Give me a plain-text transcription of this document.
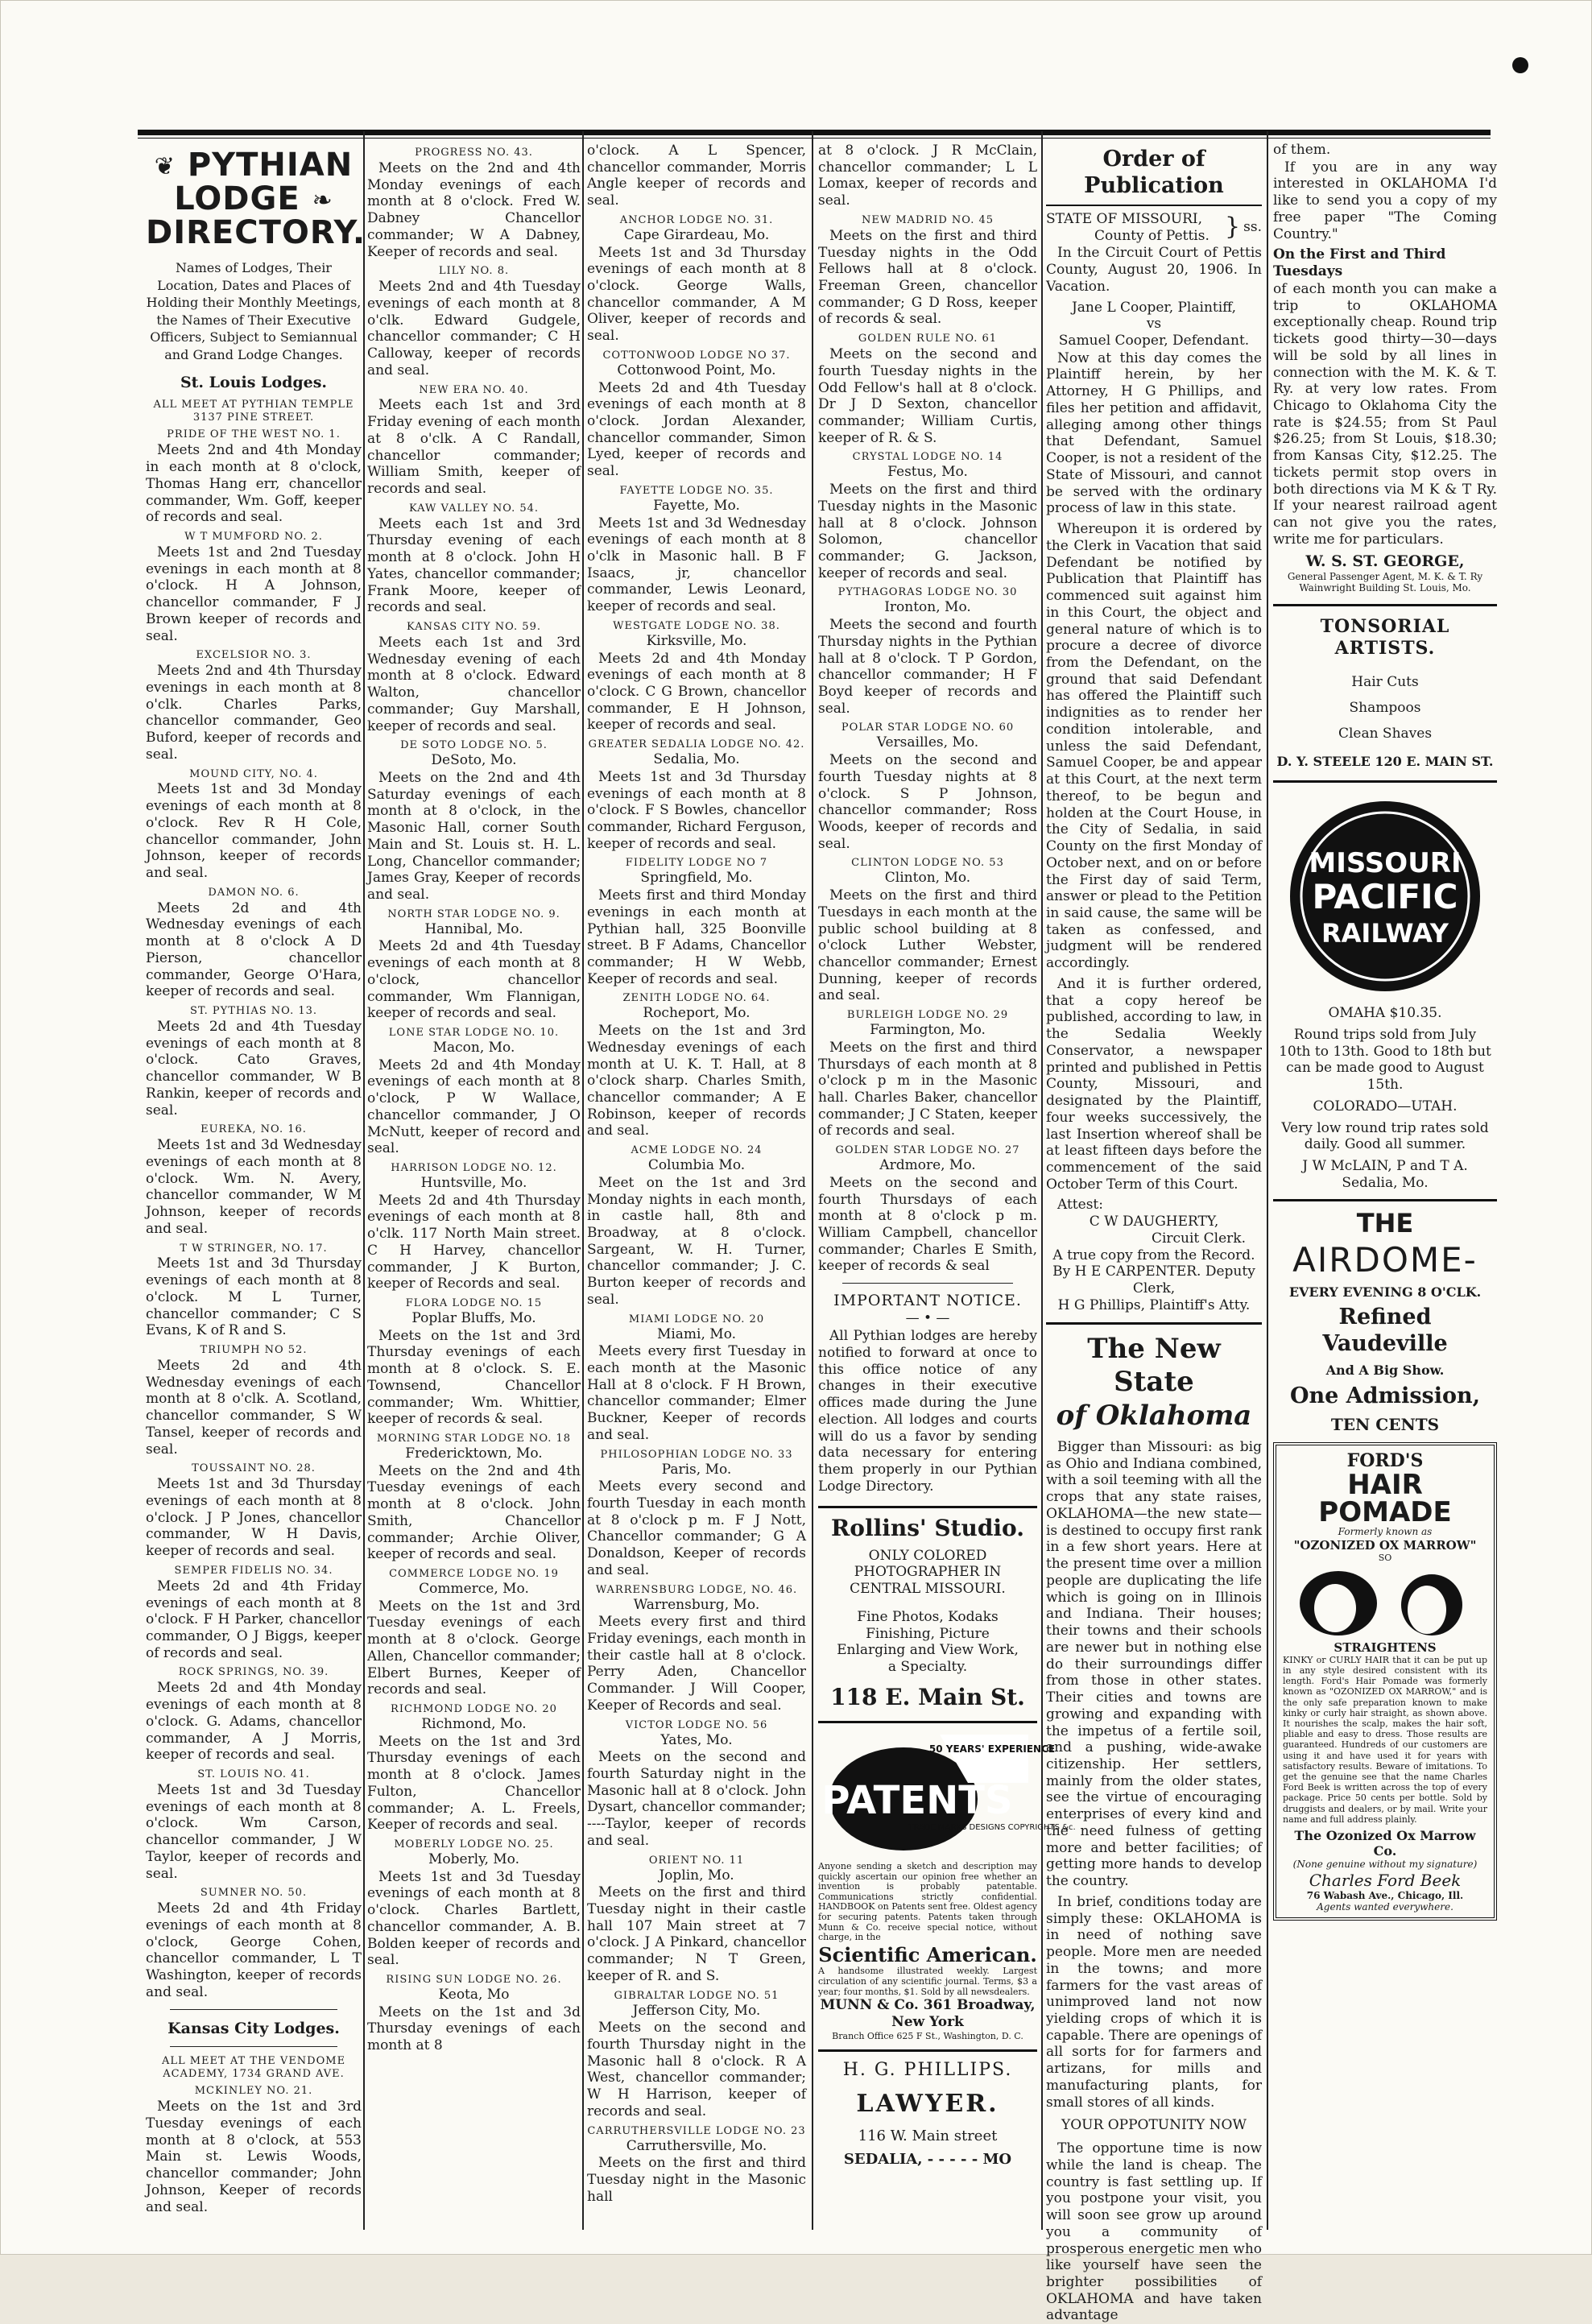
❦ PYTHIAN LODGE ❧
DIRECTORY.
Names of Lodges, Their Location, Dates and Places of Holding their Monthly Meetings, the Names of Their Executive Officers, Subject to Semiannual and Grand Lodge Changes.
St. Louis Lodges.
ALL MEET AT PYTHIAN TEMPLE 3137 PINE STREET.
PRIDE OF THE WEST NO. 1.
Meets 2nd and 4th Monday in each month at 8 o'clock, Thomas Hang err, chancellor commander, Wm. Goff, keeper of records and seal.
W T MUMFORD NO. 2.
Meets 1st and 2nd Tuesday evenings in each month at 8 o'clock. H A Johnson, chancellor commander, F J Brown keeper of records and seal.
EXCELSIOR NO. 3.
Meets 2nd and 4th Thursday evenings in each month at 8 o'clk. Charles Parks, chancellor commander, Geo Buford, keeper of records and seal.
MOUND CITY, NO. 4.
Meets 1st and 3d Monday evenings of each month at 8 o'clock. Rev R H Cole, chancellor commander, John Johnson, keeper of records and seal.
DAMON NO. 6.
Meets 2d and 4th Wednesday evenings of each month at 8 o'clock A D Pierson, chancellor commander, George O'Hara, keeper of records and seal.
ST. PYTHIAS NO. 13.
Meets 2d and 4th Tuesday evenings of each month at 8 o'clock. Cato Graves, chancellor commander, W B Rankin, keeper of records and seal.
EUREKA, NO. 16.
Meets 1st and 3d Wednesday evenings of each month at 8 o'clock. Wm. N. Avery, chancellor commander, W M Johnson, keeper of records and seal.
T W STRINGER, NO. 17.
Meets 1st and 3d Thursday evenings of each month at 8 o'clock. M L Turner, chancellor commander; C S Evans, K of R and S.
TRIUMPH NO 52.
Meets 2d and 4th Wednesday evenings of each month at 8 o'clk. A. Scotland, chancellor commander, S W Tansel, keeper of records and seal.
TOUSSAINT NO. 28.
Meets 1st and 3d Thursday evenings of each month at 8 o'clock. J P Jones, chancellor commander, W H Davis, keeper of records and seal.
SEMPER FIDELIS NO. 34.
Meets 2d and 4th Friday evenings of each month at 8 o'clock. F H Parker, chancellor commander, O J Biggs, keeper of records and seal.
ROCK SPRINGS, NO. 39.
Meets 2d and 4th Monday evenings of each month at 8 o'clock. G. Adams, chancellor commander, A J Morris, keeper of records and seal.
ST. LOUIS NO. 41.
Meets 1st and 3d Tuesday evenings of each month at 8 o'clock. Wm Carson, chancellor commander, J W Taylor, keeper of records and seal.
SUMNER NO. 50.
Meets 2d and 4th Friday evenings of each month at 8 o'clock, George Cohen, chancellor commander, L T Washington, keeper of records and seal.
Kansas City Lodges.
ALL MEET AT THE VENDOME ACADEMY, 1734 GRAND AVE.
MCKINLEY NO. 21.
Meets on the 1st and 3rd Tuesday evenings of each month at 8 o'clock, at 553 Main st. Lewis Woods, chancellor commander; John Johnson, Keeper of records and seal.
PROGRESS NO. 43.
Meets on the 2nd and 4th Monday evenings of each month at 8 o'clock. Fred W. Dabney Chancellor commander; W A Dabney, Keeper of records and seal.
LILY NO. 8.
Meets 2nd and 4th Tuesday evenings of each month at 8 o'clk. Edward Gudgele, chancellor commander; C H Calloway, keeper of records and seal.
NEW ERA NO. 40.
Meets each 1st and 3rd Friday evening of each month at 8 o'clk. A C Randall, chancellor commander; William Smith, keeper of records and seal.
KAW VALLEY NO. 54.
Meets each 1st and 3rd Thursday evening of each month at 8 o'clock. John H Yates, chancellor commander; Frank Moore, keeper of records and seal.
KANSAS CITY NO. 59.
Meets each 1st and 3rd Wednesday evening of each month at 8 o'clock. Edward Walton, chancellor commander; Guy Marshall, keeper of records and seal.
DE SOTO LODGE NO. 5.
DeSoto, Mo.
Meets on the 2nd and 4th Saturday evenings of each month at 8 o'clock, in the Masonic Hall, corner South Main and St. Louis st. H. L. Long, Chancellor commander; James Gray, Keeper of records and seal.
NORTH STAR LODGE NO. 9.
Hannibal, Mo.
Meets 2d and 4th Tuesday evenings of each month at 8 o'clock, chancellor commander, Wm Flannigan, keeper of records and seal.
LONE STAR LODGE NO. 10.
Macon, Mo.
Meets 2d and 4th Monday evenings of each month at 8 o'clock, P W Wallace, chancellor commander, J O McNutt, keeper of record and seal.
HARRISON LODGE NO. 12.
Huntsville, Mo.
Meets 2d and 4th Thursday evenings of each month at 8 o'clk. 117 North Main street. C H Harvey, chancellor commander, J K Burton, keeper of Records and seal.
FLORA LODGE NO. 15
Poplar Bluffs, Mo.
Meets on the 1st and 3rd Thursday evenings of each month at 8 o'clock. S. E. Townsend, Chancellor commander; Wm. Whittier, keeper of records & seal.
MORNING STAR LODGE NO. 18
Fredericktown, Mo.
Meets on the 2nd and 4th Tuesday evenings of each month at 8 o'clock. John Smith, Chancellor commander; Archie Oliver, keeper of records and seal.
COMMERCE LODGE NO. 19
Commerce, Mo.
Meets on the 1st and 3rd Tuesday evenings of each month at 8 o'clock. George Allen, Chancellor commander; Elbert Burnes, Keeper of records and seal.
RICHMOND LODGE NO. 20
Richmond, Mo.
Meets on the 1st and 3rd Thursday evenings of each month at 8 o'clock. James Fulton, Chancellor commander; A. L. Freels, Keeper of records and seal.
MOBERLY LODGE NO. 25.
Moberly, Mo.
Meets 1st and 3d Tuesday evenings of each month at 8 o'clock. Charles Bartlett, chancellor commander, A. B. Bolden keeper of records and seal.
RISING SUN LODGE NO. 26.
Keota, Mo
Meets on the 1st and 3d Thursday evenings of each month at 8
o'clock. A L Spencer, chancellor commander, Morris Angle keeper of records and seal.
ANCHOR LODGE NO. 31.
Cape Girardeau, Mo.
Meets 1st and 3d Thursday evenings of each month at 8 o'clock. George Walls, chancellor commander, A M Oliver, keeper of records and seal.
COTTONWOOD LODGE NO 37.
Cottonwood Point, Mo.
Meets 2d and 4th Tuesday evenings of each month at 8 o'clock. Jordan Alexander, chancellor commander, Simon Lyed, keeper of records and seal.
FAYETTE LODGE NO. 35.
Fayette, Mo.
Meets 1st and 3d Wednesday evenings of each month at 8 o'clk in Masonic hall. B F Isaacs, jr, chancellor commander, Lewis Leonard, keeper of records and seal.
WESTGATE LODGE NO. 38.
Kirksville, Mo.
Meets 2d and 4th Monday evenings of each month at 8 o'clock. C G Brown, chancellor commander, E H Johnson, keeper of records and seal.
GREATER SEDALIA LODGE NO. 42.
Sedalia, Mo.
Meets 1st and 3d Thursday evenings of each month at 8 o'clock. F S Bowles, chancellor commander, Richard Ferguson, keeper of records and seal.
FIDELITY LODGE NO 7
Springfield, Mo.
Meets first and third Monday evenings in each month at Pythian hall, 325 Boonville street. B F Adams, Chancellor commander; H W Webb, Keeper of records and seal.
ZENITH LODGE NO. 64.
Rocheport, Mo.
Meets on the 1st and 3rd Wednesday evenings of each month at U. K. T. Hall, at 8 o'clock sharp. Charles Smith, chancellor commander; A E Robinson, keeper of records and seal.
ACME LODGE NO. 24
Columbia Mo.
Meet on the 1st and 3rd Monday nights in each month, in castle hall, 8th and Broadway, at 8 o'clock. Sargeant, W. H. Turner, chancellor commander; J. C. Burton keeper of records and seal.
MIAMI LODGE NO. 20
Miami, Mo.
Meets every first Tuesday in each month at the Masonic Hall at 8 o'clock. F H Brown, chancellor commander; Elmer Buckner, Keeper of records and seal.
PHILOSOPHIAN LODGE NO. 33
Paris, Mo.
Meets every second and fourth Tuesday in each month at 8 o'clock p m. F J Nott, Chancellor commander; G A Donaldson, Keeper of records and seal.
WARRENSBURG LODGE, NO. 46.
Warrensburg, Mo.
Meets every first and third Friday evenings, each month in their castle hall at 8 o'clock. Perry Aden, Chancellor Commander. J Will Cooper, Keeper of Records and seal.
VICTOR LODGE NO. 56
Yates, Mo.
Meets on the second and fourth Saturday night in the Masonic hall at 8 o'clock. John Dysart, chancellor commander; ----Taylor, keeper of records and seal.
ORIENT NO. 11
Joplin, Mo.
Meets on the first and third Tuesday night in their castle hall 107 Main street at 7 o'clock. J A Pinkard, chancellor commander; N T Green, keeper of R. and S.
GIBRALTAR LODGE NO. 51
Jefferson City, Mo.
Meets on the second and fourth Thursday night in the Masonic hall 8 o'clock. R A West, chancellor commander; W H Harrison, keeper of records and seal.
CARRUTHERSVILLE LODGE NO. 23
Carruthersville, Mo.
Meets on the first and third Tuesday night in the Masonic hall
at 8 o'clock. J R McClain, chancellor commander; L L Lomax, keeper of records and seal.
NEW MADRID NO. 45
Meets on the first and third Tuesday nights in the Odd Fellows hall at 8 o'clock. Freeman Green, chancellor commander; G D Ross, keeper of records & seal.
GOLDEN RULE NO. 61
Meets on the second and fourth Tuesday nights in the Odd Fellow's hall at 8 o'clock. Dr J D Sexton, chancellor commander; William Curtis, keeper of R. & S.
CRYSTAL LODGE NO. 14
Festus, Mo.
Meets on the first and third Tuesday nights in the Masonic hall at 8 o'clock. Johnson Solomon, chancellor commander; G. Jackson, keeper of records and seal.
PYTHAGORAS LODGE NO. 30
Ironton, Mo.
Meets the second and fourth Thursday nights in the Pythian hall at 8 o'clock. T P Gordon, chancellor commander; H F Boyd keeper of records and seal.
POLAR STAR LODGE NO. 60
Versailles, Mo.
Meets on the second and fourth Tuesday nights at 8 o'clock. S P Johnson, chancellor commander; Ross Woods, keeper of records and seal.
CLINTON LODGE NO. 53
Clinton, Mo.
Meets on the first and third Tuesdays in each month at the public school building at 8 o'clock Luther Webster, chancellor commander; Ernest Dunning, keeper of records and seal.
BURLEIGH LODGE NO. 29
Farmington, Mo.
Meets on the first and third Thursdays of each month at 8 o'clock p m in the Masonic hall. Charles Baker, chancellor commander; J C Staten, keeper of records and seal.
GOLDEN STAR LODGE NO. 27
Ardmore, Mo.
Meets on the second and fourth Thursdays of each month at 8 o'clock p m. William Campbell, chancellor commander; Charles E Smith, keeper of records & seal
IMPORTANT NOTICE.
— • —
All Pythian lodges are hereby notified to forward at once to this office notice of any changes in their executive offices made during the June election. All lodges and courts will do us a favor by sending data necessary for entering them properly in our Pythian Lodge Directory.
Rollins' Studio.
ONLY COLORED PHOTOGRAPHER IN CENTRAL MISSOURI.
Fine Photos, Kodaks Finishing, Picture Enlarging and View Work, a Specialty.
118 E. Main St.
50 YEARS' EXPERIENCE
PATENTS
TRADE MARKS DESIGNS COPYRIGHTS &c.
Anyone sending a sketch and description may quickly ascertain our opinion free whether an invention is probably patentable. Communications strictly confidential. HANDBOOK on Patents sent free. Oldest agency for securing patents. Patents taken through Munn & Co. receive special notice, without charge, in the
Scientific American.
A handsome illustrated weekly. Largest circulation of any scientific journal. Terms, $3 a year; four months, $1. Sold by all newsdealers.
MUNN & Co. 361 Broadway, New York
Branch Office 625 F St., Washington, D. C.
H. G. PHILLIPS.
LAWYER.
116 W. Main street
SEDALIA, - - - - - MO
Order of Publication
STATE OF MISSOURI,
County of Pettis. } ss.
In the Circuit Court of Pettis County, August 20, 1906. In Vacation.
Jane L Cooper, Plaintiff,
vs
Samuel Cooper, Defendant.
Now at this day comes the Plaintiff herein, by her Attorney, H G Phillips, and files her petition and affidavit, alleging among other things that Defendant, Samuel Cooper, is not a resident of the State of Missouri, and cannot be served with the ordinary process of law in this state.
Whereupon it is ordered by the Clerk in Vacation that said Defendant be notified by Publication that Plaintiff has commenced suit against him in this Court, the object and general nature of which is to procure a decree of divorce from the Defendant, on the ground that said Defendant has offered the Plaintiff such indignities as to render her condition intolerable, and unless the said Defendant, Samuel Cooper, be and appear at this Court, at the next term thereof, to be begun and holden at the Court House, in the City of Sedalia, in said County on the first Monday of October next, and on or before the First day of said Term, answer or plead to the Petition in said cause, the same will be taken as confessed, and judgment will be rendered accordingly.
And it is further ordered, that a copy hereof be published, according to law, in the Sedalia Weekly Conservator, a newspaper printed and published in Pettis County, Missouri, and designated by the Plaintiff, four weeks successively, the last Insertion whereof shall be at least fifteen days before the commencement of the said October Term of this Court.
Attest:
C W DAUGHERTY,
Circuit Clerk.
A true copy from the Record.
By H E CARPENTER. Deputy Clerk,
H G Phillips, Plaintiff's Atty.
The New State
of Oklahoma
Bigger than Missouri: as big as Ohio and Indiana combined, with a soil teeming with all the crops that any state raises, OKLAHOMA—the new state—is destined to occupy first rank in a few short years. Here at the present time over a million people are duplicating the life which is going on in Illinois and Indiana. Their houses; their towns and their schools are newer but in nothing else do their surroundings differ from those in other states. Their cities and towns are growing and expanding with the impetus of a fertile soil, and a pushing, wide-awake citizenship. Her settlers, mainly from the older states, see the virtue of encouraging enterprises of every kind and the need fulness of getting more and better facilities; of getting more hands to develop the country.
In brief, conditions today are simply these: OKLAHOMA is in need of nothing save people. More men are needed in the towns; and more farmers for the vast areas of unimproved land not now yielding crops of which it is capable. There are openings of all sorts for for farmers and artizans, for mills and manufacturing plants, for small stores of all kinds.
YOUR OPPOTUNITY NOW
The opportune time is now while the land is cheap. The country is fast settling up. If you postpone your visit, you will soon see grow up around you a community of prosperous energetic men who like yourself have seen the brighter possibilities of OKLAHOMA and have taken advantage
of them.
If you are in any way interested in OKLAHOMA I'd like to send you a copy of my free paper "The Coming Country."
On the First and Third Tuesdays
of each month you can make a trip to OKLAHOMA exceptionally cheap. Round trip tickets good thirty—30—days will be sold by all lines in connection with the M. K. & T. Ry. at very low rates. From Chicago to Oklahoma City the rate is $24.55; from St Paul $26.25; from St Louis, $18.30; from Kansas City, $12.25. The tickets permit stop overs in both directions via M K & T Ry. If your nearest railroad agent can not give you the rates, write me for particulars.
W. S. ST. GEORGE,
General Passenger Agent, M. K. & T. Ry
Wainwright Building St. Louis, Mo.
TONSORIAL ARTISTS.
Hair Cuts
Shampoos
Clean Shaves
D. Y. STEELE 120 E. MAIN ST.
MISSOURI
PACIFIC
RAILWAY
OMAHA $10.35.
Round trips sold from July 10th to 13th. Good to 18th but can be made good to August 15th.
COLORADO—UTAH.
Very low round trip rates sold daily. Good all summer.
J W McLAIN, P and T A. Sedalia, Mo.
THE
AIRDOME-
EVERY EVENING 8 O'CLK.
Refined Vaudeville
And A Big Show.
One Admission,
TEN CENTS
FORD'S
HAIR POMADE
Formerly known as
"OZONIZED OX MARROW"
SO
STRAIGHTENS
KINKY or CURLY HAIR that it can be put up in any style desired consistent with its length. Ford's Hair Pomade was formerly known as "OZONIZED OX MARROW," and is the only safe preparation known to make kinky or curly hair straight, as shown above. It nourishes the scalp, makes the hair soft, pliable and easy to dress. Those results are guaranteed. Hundreds of our customers are using it and have used it for years with satisfactory results. Beware of imitations. To get the genuine see that the name Charles Ford Beek is written across the top of every package. Price 50 cents per bottle. Sold by druggists and dealers, or by mail. Write your name and full address plainly.
The Ozonized Ox Marrow Co.
(None genuine without my signature)
Charles Ford Beek
76 Wabash Ave., Chicago, Ill.
Agents wanted everywhere.
